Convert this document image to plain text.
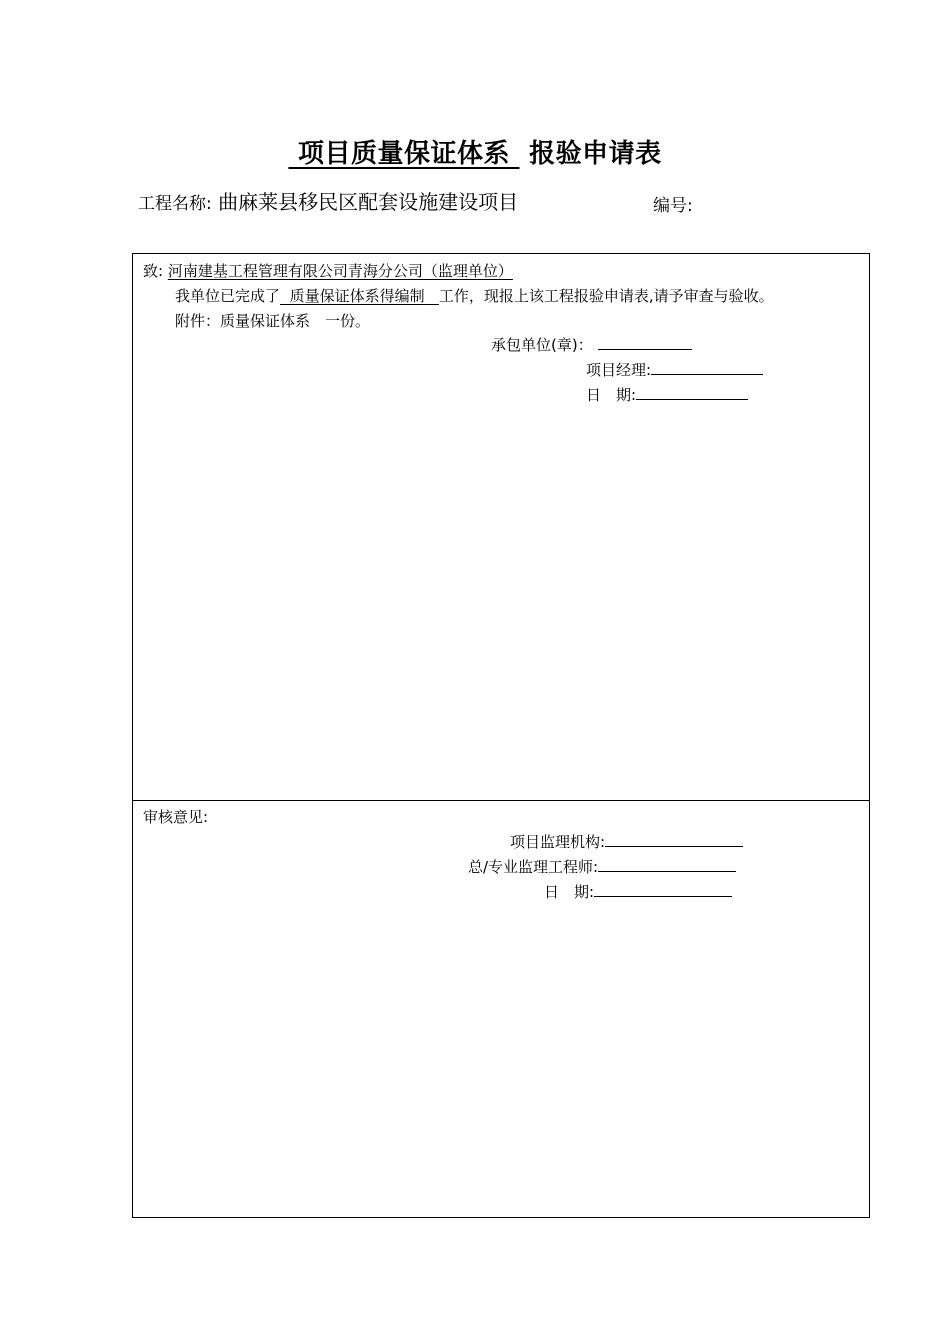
项目质量保证体系 报验申请表
工程名称: 曲麻莱县移民区配套设施建设项目	编号:
致: 河南建基工程管理有限公司青海分公司（监理单位）
我单位已完成了 质量保证体系得编制 工作，现报上该工程报验申请表,请予审查与验收。
附件：质量保证体系　一份。
承包单位(章)：
项目经理:
日　期:
审核意见:
项目监理机构:
总/专业监理工程师:
日　期:
